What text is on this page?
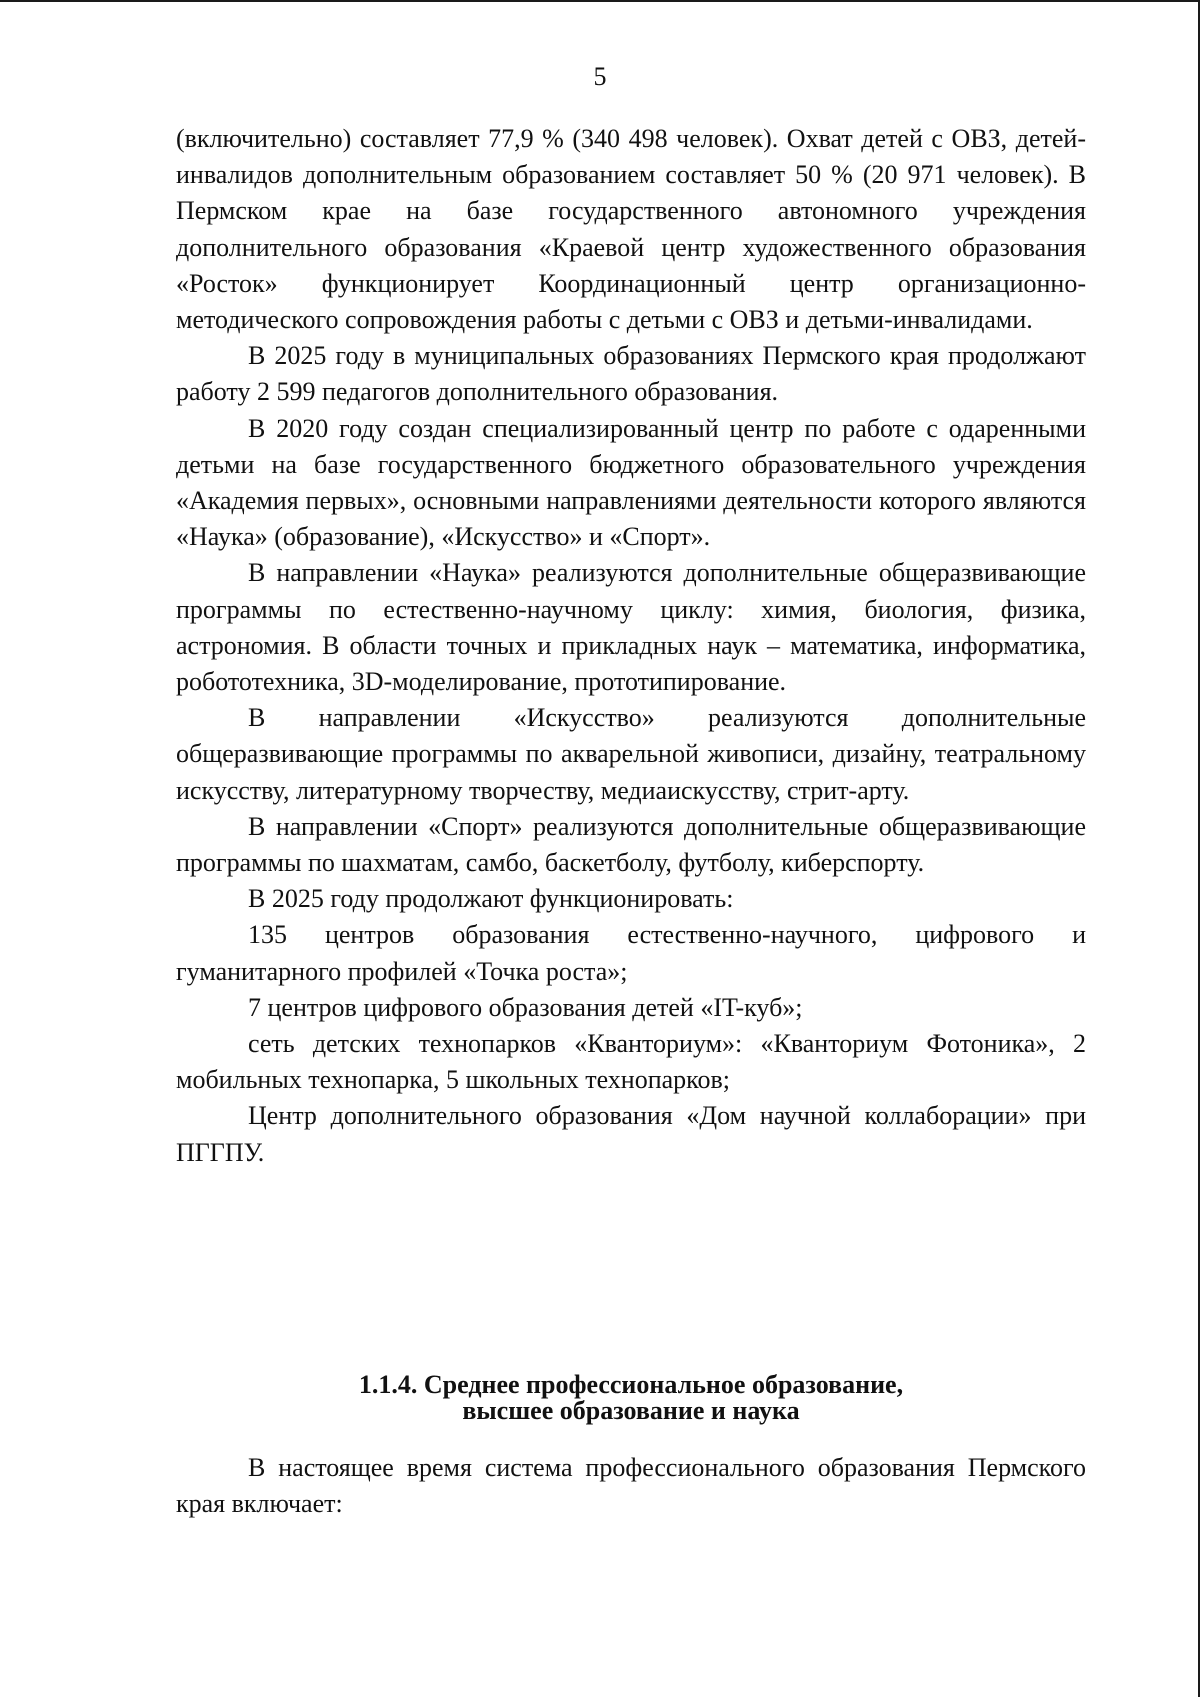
5

(включительно) составляет 77,9 % (340 498 человек). Охват детей с ОВЗ, детей-инвалидов дополнительным образованием составляет 50 % (20 971 человек). В Пермском крае на базе государственного автономного учреждения дополнительного образования «Краевой центр художественного образования «Росток» функционирует Координационный центр организационно-методического сопровождения работы с детьми с ОВЗ и детьми-инвалидами.

В 2025 году в муниципальных образованиях Пермского края продолжают работу 2 599 педагогов дополнительного образования.

В 2020 году создан специализированный центр по работе с одаренными детьми на базе государственного бюджетного образовательного учреждения «Академия первых», основными направлениями деятельности которого являются «Наука» (образование), «Искусство» и «Спорт».

В направлении «Наука» реализуются дополнительные общеразвивающие программы по естественно-научному циклу: химия, биология, физика, астрономия. В области точных и прикладных наук – математика, информатика, робототехника, 3D-моделирование, прототипирование.

В направлении «Искусство» реализуются дополнительные общеразвивающие программы по акварельной живописи, дизайну, театральному искусству, литературному творчеству, медиаискусству, стрит-арту.

В направлении «Спорт» реализуются дополнительные общеразвивающие программы по шахматам, самбо, баскетболу, футболу, киберспорту.

В 2025 году продолжают функционировать:

135 центров образования естественно-научного, цифрового и гуманитарного профилей «Точка роста»;

7 центров цифрового образования детей «IT-куб»;

сеть детских технопарков «Кванториум»: «Кванториум Фотоника», 2 мобильных технопарка, 5 школьных технопарков;

Центр дополнительного образования «Дом научной коллаборации» при ПГГПУ.

1.1.4. Среднее профессиональное образование,
высшее образование и наука

В настоящее время система профессионального образования Пермского края включает:
